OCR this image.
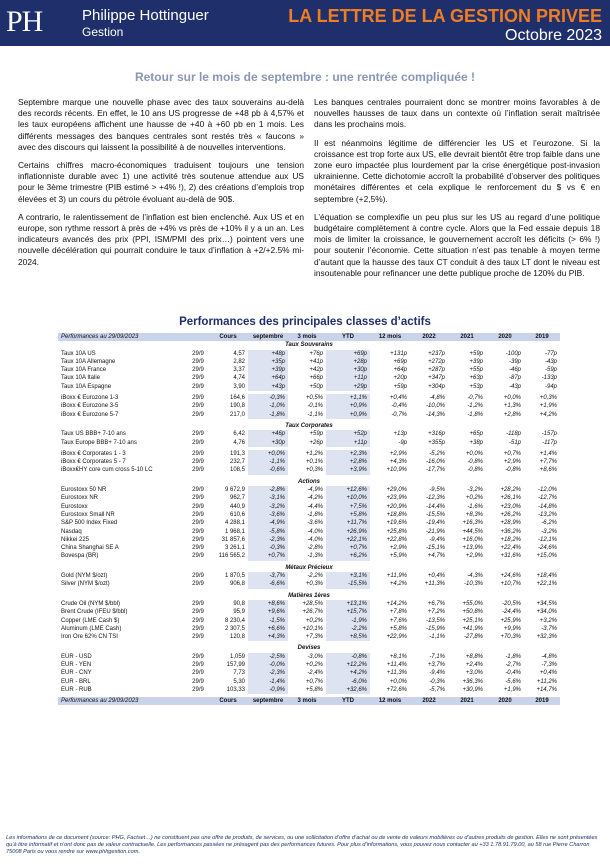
PH	Philippe Hottinguer
Gestion
LA LETTRE DE LA GESTION PRIVEE
Octobre 2023
Retour sur le mois de septembre : une rentrée compliquée !

Septembre marque une nouvelle phase avec des taux souverains au-delà des records récents. En effet, le 10 ans US progresse de +48 pb à 4,57% et les taux européens affichent une hausse de +40 à +60 pb en 1 mois. Les différents messages des banques centrales sont restés très « faucons » avec des discours qui laissent la possibilité à de nouvelles interventions.

Certains chiffres macro-économiques traduisent toujours une tension inflationniste durable avec 1) une activité très soutenue attendue aux US pour le 3ème trimestre (PIB estimé > +4% !), 2) des créations d’emplois trop élevées et 3) un cours du pétrole évoluant au-delà de 90$.

A contrario, le ralentissement de l’inflation est bien enclenché. Aux US et en europe, son rythme ressort à près de +4% vs près de +10% il y a un an. Les indicateurs avancés des prix (PPI, ISM/PMI des prix…) pointent vers une nouvelle décélération qui pourrait conduire le taux d’inflation à +2/+2.5% mi-2024.

Les banques centrales pourraient donc se montrer moins favorables à de nouvelles hausses de taux dans un contexte où l’inflation serait maîtrisée dans les prochains mois.

Il est néanmoins légitime de différencier les US et l’eurozone. Si la croissance est trop forte aux US, elle devrait bientôt être trop faible dans une zone euro impactée plus lourdement par la crise énergétique post-invasion ukrainienne. Cette dichotomie accroît la probabilité d’observer des politiques monétaires différentes et cela explique le renforcement du $ vs € en septembre (+2,5%).

L’équation se complexifie un peu plus sur les US au regard d’une politique budgétaire complètement à contre cycle. Alors que la Fed essaie depuis 18 mois de limiter la croissance, le gouvernement accroît les déficits (> 6% !) pour soutenir l’économie. Cette situation n’est pas tenable à moyen terme d’autant que la hausse des taux CT conduit à des taux LT dont le niveau est insoutenable pour refinancer une dette publique proche de 120% du PIB.

Performances des principales classes d’actifs
Performances au 29/09/2023		Cours	septembre	3 mois	YTD	12 mois	2022	2021	2020	2019
Taux Souverains										
Taux 10A US	29/9	4,57	+48p	+76p	+69p	+131p	+237p	+59p	-100p	-77p
Taux 10A Allemagne	29/9	2,82	+35p	+41p	+28p	+69p	+272p	+39p	-39p	-43p
Taux 10A France	29/9	3,37	+39p	+42p	+30p	+64p	+287p	+55p	-46p	-59p
Taux 10A Italie	29/9	4,74	+64p	+66p	+11p	+20p	+347p	+63p	-87p	-133p
Taux 10A Espagne	29/9	3,90	+43p	+50p	+29p	+59p	+304p	+53p	-43p	-94p

iBoxx € Eurozone 1-3	29/9	164,6	-0,3%	+0,5%	+1,1%	+0,4%	-4,8%	-0,7%	+0,0%	+0,3%
iBoxx € Eurozone 3-5	29/9	190,8	-1,0%	-0,1%	+0,9%	-0,4%	-10,0%	-1,2%	+1,3%	+1,9%
iBoxx € Eurozone 5-7	29/9	217,0	-1,8%	-1,1%	+0,9%	-0,7%	-14,3%	-1,8%	+2,8%	+4,2%

Taux Corporates										
Taux US BBB+ 7-10 ans	29/9	6,42	+46p	+59p	+52p	+13p	+316p	+65p	-118p	-157p
Taux Europe BBB+ 7-10 ans	29/9	4,76	+30p	+26p	+11p	-9p	+355p	+38p	-51p	-117p

iBoxx € Corporates 1 - 3	29/9	191,3	+0,0%	+1,2%	+2,3%	+2,9%	-5,2%	+0,0%	+0,7%	+1,4%
iBoxx € Corporates 5 - 7	29/9	232,7	-1,1%	+0,1%	+2,8%	+4,3%	-16,0%	-0,8%	+2,9%	+7,7%
iBoxx€HY core cum cross 5-10 LC	29/9	108,5	-0,6%	+0,3%	+3,9%	+10,9%	-17,7%	-0,8%	-0,8%	+8,6%

Actions										
Eurostoxx 50 NR	29/9	9 672,9	-2,8%	-4,9%	+12,6%	+29,0%	-9,5%	-3,2%	+28,2%	-12,0%
Eurostoxx NR	29/9	962,7	-3,1%	-4,2%	+10,0%	+23,9%	-12,3%	+0,2%	+26,1%	-12,7%
Eurostoxx	29/9	440,9	-3,2%	-4,4%	+7,5%	+20,9%	-14,4%	-1,6%	+23,0%	-14,8%
Eurostoxx Small NR	29/9	610,6	-3,6%	-1,8%	+5,8%	+18,8%	-15,5%	+8,3%	+26,2%	-13,2%
S&P 500 Index Fixed	29/9	4 288,1	-4,9%	-3,6%	+11,7%	+19,6%	-19,4%	+16,3%	+28,9%	-6,2%
Nasdaq	29/9	1 968,1	-5,8%	-4,0%	+26,9%	+25,8%	-21,9%	+44,5%	+36,2%	-3,2%
Nikkei 225	29/9	31 857,6	-2,3%	-4,0%	+22,1%	+22,8%	-9,4%	+16,0%	+18,2%	-12,1%
China Shanghai SE A	29/9	3 261,1	-0,3%	-2,8%	+0,7%	+2,9%	-15,1%	+13,9%	+22,4%	-24,6%
Bovespa (BR)	29/9	116 565,2	+0,7%	-1,3%	+6,2%	+5,9%	+4,7%	+2,9%	+31,6%	+15,0%

Métaux Précieux										
Gold (NYM $/ozt)	29/9	1 870,5	-3,7%	-2,2%	+3,1%	+11,9%	+0,4%	-4,3%	+24,6%	+18,4%
Silver (NYM $/ozt)	29/9	906,8	-6,6%	+0,3%	-15,5%	+4,2%	+11,3%	-10,3%	+10,7%	+22,1%

Matières 1ères										
Crude Oil (NYM $/bbl)	29/9	90,8	+8,6%	+28,5%	+13,1%	+14,2%	+6,7%	+55,0%	-20,5%	+34,5%
Brent Crude (IFEU $/bbl)	29/9	95,9	+9,6%	+26,7%	+15,7%	+7,8%	+7,2%	+50,8%	-24,4%	+34,0%
Copper (LME Cash $)	29/9	8 230,4	-1,5%	+0,2%	-1,9%	+7,6%	-13,5%	+25,1%	+25,9%	+3,2%
Aluminum (LME Cash)	29/9	2 307,5	+6,6%	+10,1%	-2,2%	+5,8%	-15,9%	+41,9%	+9,9%	-3,7%
Iron Ore 62% CN TSI	29/9	120,8	+4,3%	+7,3%	+8,5%	+22,9%	-1,1%	-27,8%	+70,3%	+32,3%

Devises										
EUR - USD	29/9	1,059	-2,5%	-3,0%	-0,8%	+8,1%	-7,1%	+8,8%	-1,8%	-4,8%
EUR - YEN	29/9	157,99	-0,0%	+0,2%	+12,2%	+11,4%	+3,7%	+2,4%	-2,7%	-7,3%
EUR - CNY	29/9	7,73	-2,3%	-2,4%	+4,2%	+11,3%	-9,4%	+3,0%	-0,4%	+0,4%
EUR - BRL	29/9	5,30	-1,4%	+0,7%	-6,0%	+0,0%	-0,3%	+36,3%	-5,6%	+11,2%
EUR - RUB	29/9	103,33	-0,9%	+5,8%	+32,6%	+72,6%	-5,7%	+30,9%	+1,9%	+14,7%

Performances au 29/09/2023		Cours	septembre	3 mois	YTD	12 mois	2022	2021	2020	2019
Les informations de ce document (source: PHG, Factset…) ne constituent pas une offre de produits, de services, ou une sollicitation d’offre d’achat ou de vente de valeurs mobilières ou d’autres produits de gestion. Elles ne sont présentées qu’à titre informatif et n’ont donc pas de valeur contractuelle. Les performances passées ne présagent pas des performances futures. Pour plus d’informations, vous pouvez nous contacter au +33 1.78.91.79.00, au 58 rue Pierre Charron 75008 Paris ou vous rendre sur www.phhgestion.com.
